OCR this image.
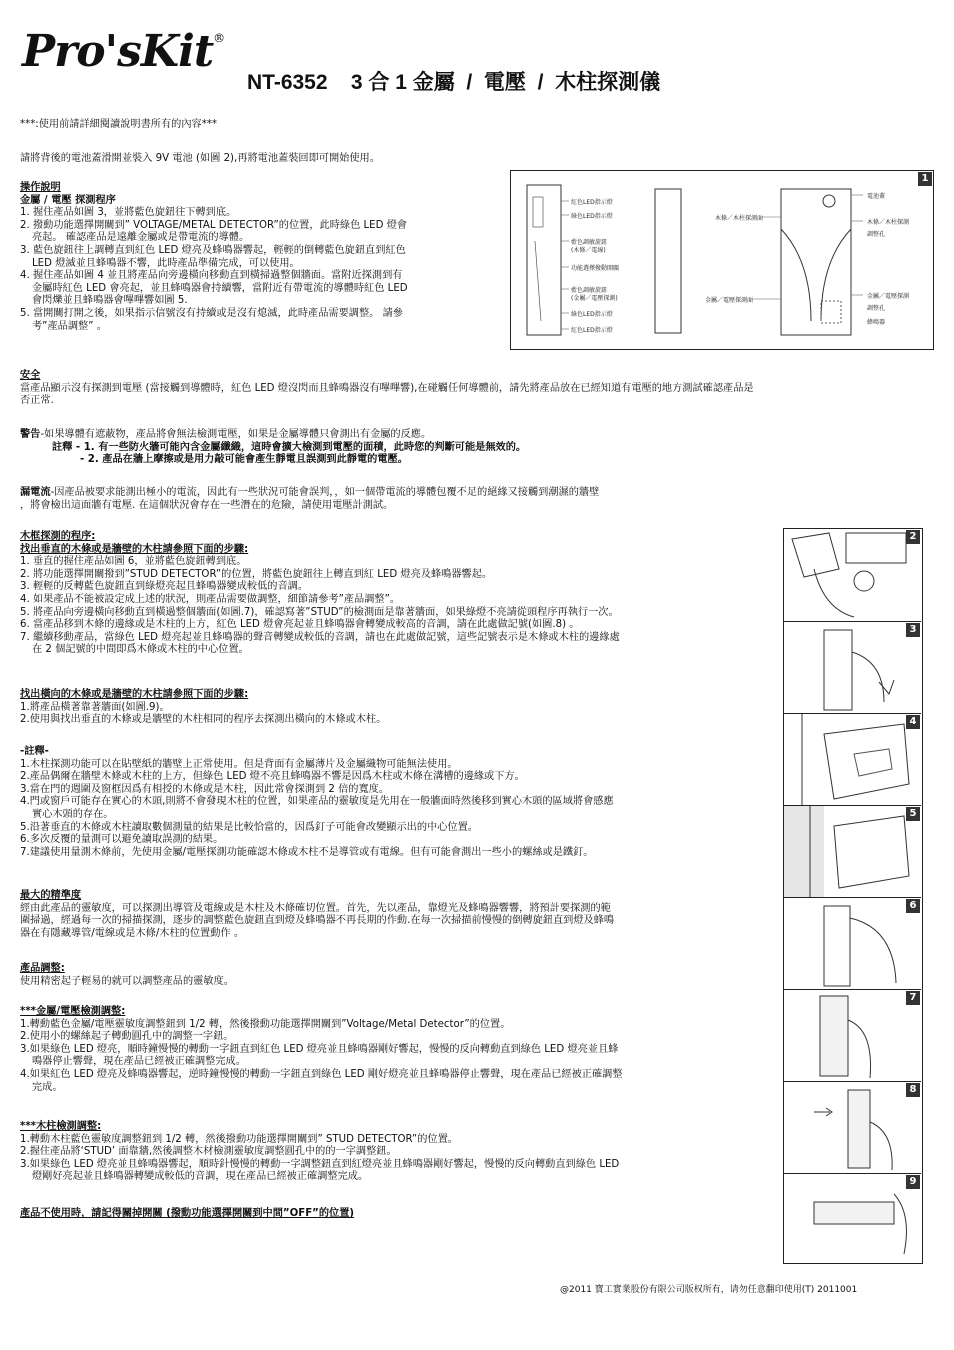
Pro'sKit®
NT-6352    3 合 1 金屬  /  電壓  /  木柱探測儀
***:使用前請詳細閱讀說明書所有的內容***
請將背後的電池蓋滑開並裝入 9V 電池 (如圖 2),再將電池蓋裝回即可開始使用。

操作說明

金屬 / 電壓 探測程序

1. 握住產品如圖 3，並將藍色旋鈕往下轉到底。

2. 撥動功能選擇開關到” VOLTAGE/METAL DETECTOR”的位置，此時綠色 LED 燈會

亮起。 確認產品是遠離金屬或是帶電流的導體。

3. 藍色旋鈕往上調轉直到紅色 LED 燈亮及蜂鳴器響起，輕輕的倒轉藍色旋鈕直到紅色

LED 燈滅並且蜂鳴器不響，此時產品準備完成，可以使用。

4. 握住產品如圖 4 並且將產品向旁邊橫向移動直到橫掃過整個牆面。當附近探測到有

金屬時紅色 LED 會亮起，並且蜂鳴器會持續響，當附近有帶電流的導體時紅色 LED

會閃爍並且蜂鳴器會嗶嗶響如圖 5.

5. 當開關打開之後，如果指示信號沒有持續或是沒有熄滅，此時產品需要調整。 請參

考”產品調整” 。

1
紅色LED指示燈
綠色LED指示燈
藍色調敏旋鈕
(木條／電線)
功能選擇撥動開關
藍色調敏旋鈕
(金屬／電壓探測)
綠色LED指示燈
紅色LED指示燈
木條／木柱探測面
金屬／電壓探測面
電池蓋
木條／木柱探測
調整孔
金屬／電壓探測
調整孔
蜂鳴器

安全

當產品顯示沒有探測到電壓 (當接觸到導體時，紅色 LED 燈沒閃而且蜂鳴器沒有嗶嗶響),在碰觸任何導體前，請先將產品放在已經知道有電壓的地方測試確認產品是

否正常.

警告-如果導體有遮蔽物，產品將會無法檢測電壓，如果是金屬導體只會測出有金屬的反應。

註釋 - 1. 有一些防火牆可能內含金屬纖織，這時會擴大檢測到電壓的面積，此時您的判斷可能是無效的。

- 2. 產品在牆上摩擦或是用力敲可能會產生靜電且誤測到此靜電的電壓。

漏電流-因產品被要求能測出極小的電流，因此有一些狀況可能會誤判，，如一個帶電流的導體包覆不足的絕緣又接觸到潮濕的牆壁

，將會檢出這面牆有電壓. 在這個狀況會存在一些潛在的危險，請使用電壓計測試。

木框探測的程序:

找出垂直的木條或是牆壁的木柱請參照下面的步驟:

1. 垂直的握住產品如圖 6，並將藍色旋鈕轉到底。

2. 將功能選擇開關撥到”STUD DETECTOR”的位置，將藍色旋鈕往上轉直到紅 LED 燈亮及蜂鳴器響起。

3. 輕輕的反轉藍色旋鈕直到綠燈亮起且蜂鳴器變成較低的音調。

4. 如果產品不能被設定成上述的狀況，則產品需要做調整，細節請參考”產品調整”。

5. 將產品向旁邊橫向移動直到橫過整個牆面(如圖.7)，確認寫著”STUD”的檢測面是靠著牆面，如果綠燈不亮請從頭程序再執行一次。

6. 當產品移到木條的邊緣或是木柱的上方，紅色 LED 燈會亮起並且蜂鳴器會轉變成較高的音調，請在此處做記號(如圖.8) 。

7. 繼續移動產品，當綠色 LED 燈亮起並且蜂鳴器的聲音轉變成較低的音調，請也在此處做記號，這些記號表示是木條或木柱的邊緣處

在 2 個記號的中間即爲木條或木柱的中心位置。

找出橫向的木條或是牆壁的木柱請參照下面的步驟:

1.將產品橫著靠著牆面(如圖.9)。

2.使用與找出垂直的木條或是牆壁的木柱相同的程序去探測出橫向的木條或木柱。

-註釋-

1.木柱探測功能可以在貼壁紙的牆壁上正常使用。但是背面有金屬薄片及金屬織物可能無法使用。

2.產品偶爾在牆壁木條或木柱的上方，但綠色 LED 燈不亮且蜂鳴器不響是因爲木柱或木條在溝槽的邊緣或下方。

3.當在門的週圍及窗框因爲有相授的木條或是木柱，因此常會探測到 2 倍的寬度。

4.門或窗戶可能存在實心的木頭,則將不會發現木柱的位置，如果產品的靈敏度是先用在一般牆面時然後移到實心木頭的區域將會感應

實心木頭的存在。

5.沿著垂直的木條或木柱讀取數個測量的結果是比較恰當的，因爲釘子可能會改變顯示出的中心位置。

6.多次反覆的量測可以避免讀取誤測的結果。

7.建議使用量測木條前，先使用金屬/電壓探測功能確認木條或木柱不是導管或有電線。但有可能會測出一些小的螺絲或是鐵釘。

最大的精準度

經由此產品的靈敏度，可以探測出導管及電線或是木柱及木條確切位置。首先，先以產品，靠燈光及蜂鳴器響響，將預計要探測的範

圍掃過，經過每一次的掃描探測，逐步的調整藍色旋鈕直到燈及蜂鳴器不再長期的作動.在每一次掃描前慢慢的倒轉旋鈕直到燈及蜂鳴

器在有隱藏導管/電線或是木條/木柱的位置動作 。

產品調整:

使用精密起子輕易的就可以調整產品的靈敏度。

***金屬/電壓檢測調整:

1.轉動藍色金屬/電壓靈敏度調整鈕到 1/2 轉，然後撥動功能選擇開關到”Voltage/Metal Detector”的位置。

2.使用小的螺絲起子轉動圓孔中的調整一字鈕。

3.如果綠色 LED 燈亮，順時鐘慢慢的轉動一字鈕直到紅色 LED 燈亮並且蜂鳴器剛好響起，慢慢的反向轉動直到綠色 LED 燈亮並且蜂

鳴器停止響聲，現在產品已經被正確調整完成。

4.如果紅色 LED 燈亮及蜂鳴器響起，逆時鐘慢慢的轉動一字鈕直到綠色 LED 剛好燈亮並且蜂鳴器停止響聲，現在產品已經被正確調整

完成。

***木柱檢測調整:

1.轉動木柱藍色靈敏度調整鈕到 1/2 轉，然後撥動功能選擇開關到” STUD DETECTOR”的位置。

2.握住產品將‘STUD’ 面靠牆,然後調整木材檢測靈敏度調整圓孔中的的一字調整鈕。

3.如果綠色 LED 燈亮並且蜂鳴器響起，順時針慢慢的轉動一字調整鈕直到紅燈亮並且蜂鳴器剛好響起，慢慢的反向轉動直到綠色 LED

燈剛好亮起並且蜂鳴器轉變成較低的音調，現在產品已經被正確調整完成。

產品不使用時，請記得關掉開關 (撥動功能選擇開關到中間”OFF”的位置)
2
3
4
5
6
7
8
9
@2011 寶工實業股份有限公司版权所有，请勿任意翻印使用(T) 2011001
